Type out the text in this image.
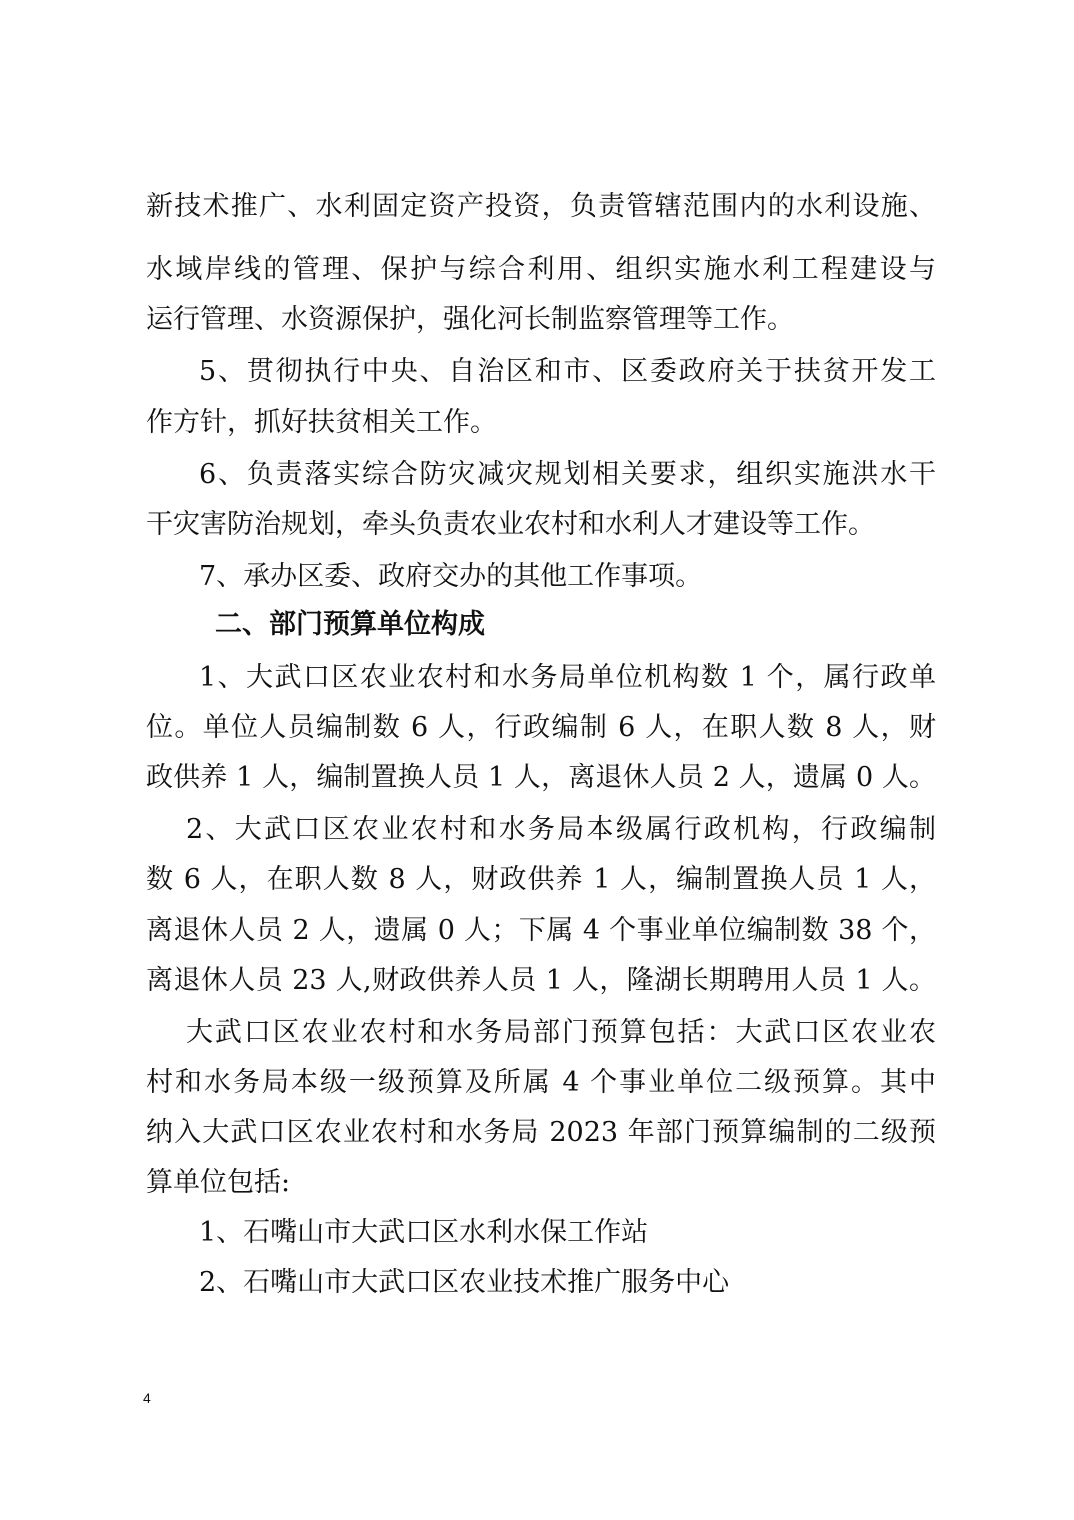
新技术推广、水利固定资产投资，负责管辖范围内的水利设施、
水域岸线的管理、保护与综合利用、组织实施水利工程建设与
运行管理、水资源保护，强化河长制监察管理等工作。
5、贯彻执行中央、自治区和市、区委政府关于扶贫开发工
作方针，抓好扶贫相关工作。
6、负责落实综合防灾减灾规划相关要求，组织实施洪水干
干灾害防治规划，牵头负责农业农村和水利人才建设等工作。
7、承办区委、政府交办的其他工作事项。
二、部门预算单位构成
1、大武口区农业农村和水务局单位机构数 1 个，属行政单
位。单位人员编制数 6 人，行政编制 6 人，在职人数 8 人，财
政供养 1 人，编制置换人员 1 人，离退休人员 2 人，遗属 0 人。
2、大武口区农业农村和水务局本级属行政机构，行政编制
数 6 人，在职人数 8 人，财政供养 1 人，编制置换人员 1 人，
离退休人员 2 人，遗属 0 人；下属 4 个事业单位编制数 38 个，
离退休人员 23 人,财政供养人员 1 人，隆湖长期聘用人员 1 人。
大武口区农业农村和水务局部门预算包括：大武口区农业农
村和水务局本级一级预算及所属 4 个事业单位二级预算。其中
纳入大武口区农业农村和水务局 2023 年部门预算编制的二级预
算单位包括:
1、石嘴山市大武口区水利水保工作站
2、石嘴山市大武口区农业技术推广服务中心
4
